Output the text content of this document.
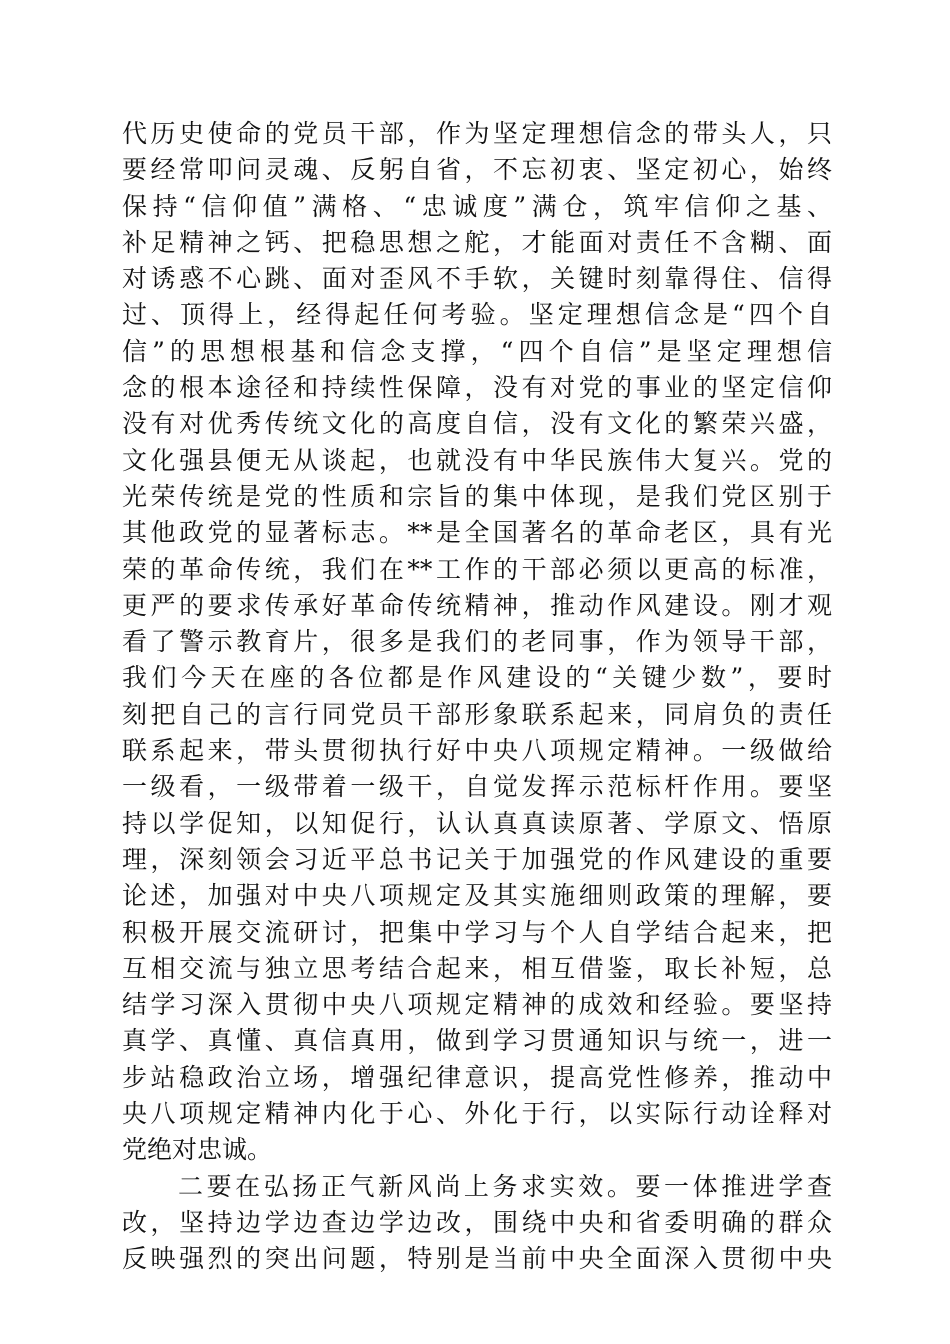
代历史使命的党员干部，作为坚定理想信念的带头人，只
要经常叩问灵魂、反躬自省，不忘初衷、坚定初心，始终
保持“信仰值”满格、“忠诚度”满仓，筑牢信仰之基、
补足精神之钙、把稳思想之舵，才能面对责任不含糊、面
对诱惑不心跳、面对歪风不手软，关键时刻靠得住、信得
过、顶得上，经得起任何考验。坚定理想信念是“四个自
信”的思想根基和信念支撑，“四个自信”是坚定理想信
念的根本途径和持续性保障，没有对党的事业的坚定信仰
没有对优秀传统文化的高度自信，没有文化的繁荣兴盛，
文化强县便无从谈起，也就没有中华民族伟大复兴。党的
光荣传统是党的性质和宗旨的集中体现，是我们党区别于
其他政党的显著标志。**是全国著名的革命老区，具有光
荣的革命传统，我们在**工作的干部必须以更高的标准，
更严的要求传承好革命传统精神，推动作风建设。刚才观
看了警示教育片，很多是我们的老同事，作为领导干部，
我们今天在座的各位都是作风建设的“关键少数”，要时
刻把自己的言行同党员干部形象联系起来，同肩负的责任
联系起来，带头贯彻执行好中央八项规定精神。一级做给
一级看，一级带着一级干，自觉发挥示范标杆作用。要坚
持以学促知，以知促行，认认真真读原著、学原文、悟原
理，深刻领会习近平总书记关于加强党的作风建设的重要
论述，加强对中央八项规定及其实施细则政策的理解，要
积极开展交流研讨，把集中学习与个人自学结合起来，把
互相交流与独立思考结合起来，相互借鉴，取长补短，总
结学习深入贯彻中央八项规定精神的成效和经验。要坚持
真学、真懂、真信真用，做到学习贯通知识与统一，进一
步站稳政治立场，增强纪律意识，提高党性修养，推动中
央八项规定精神内化于心、外化于行，以实际行动诠释对
党绝对忠诚。
二要在弘扬正气新风尚上务求实效。要一体推进学查
改，坚持边学边查边学边改，围绕中央和省委明确的群众
反映强烈的突出问题，特别是当前中央全面深入贯彻中央
